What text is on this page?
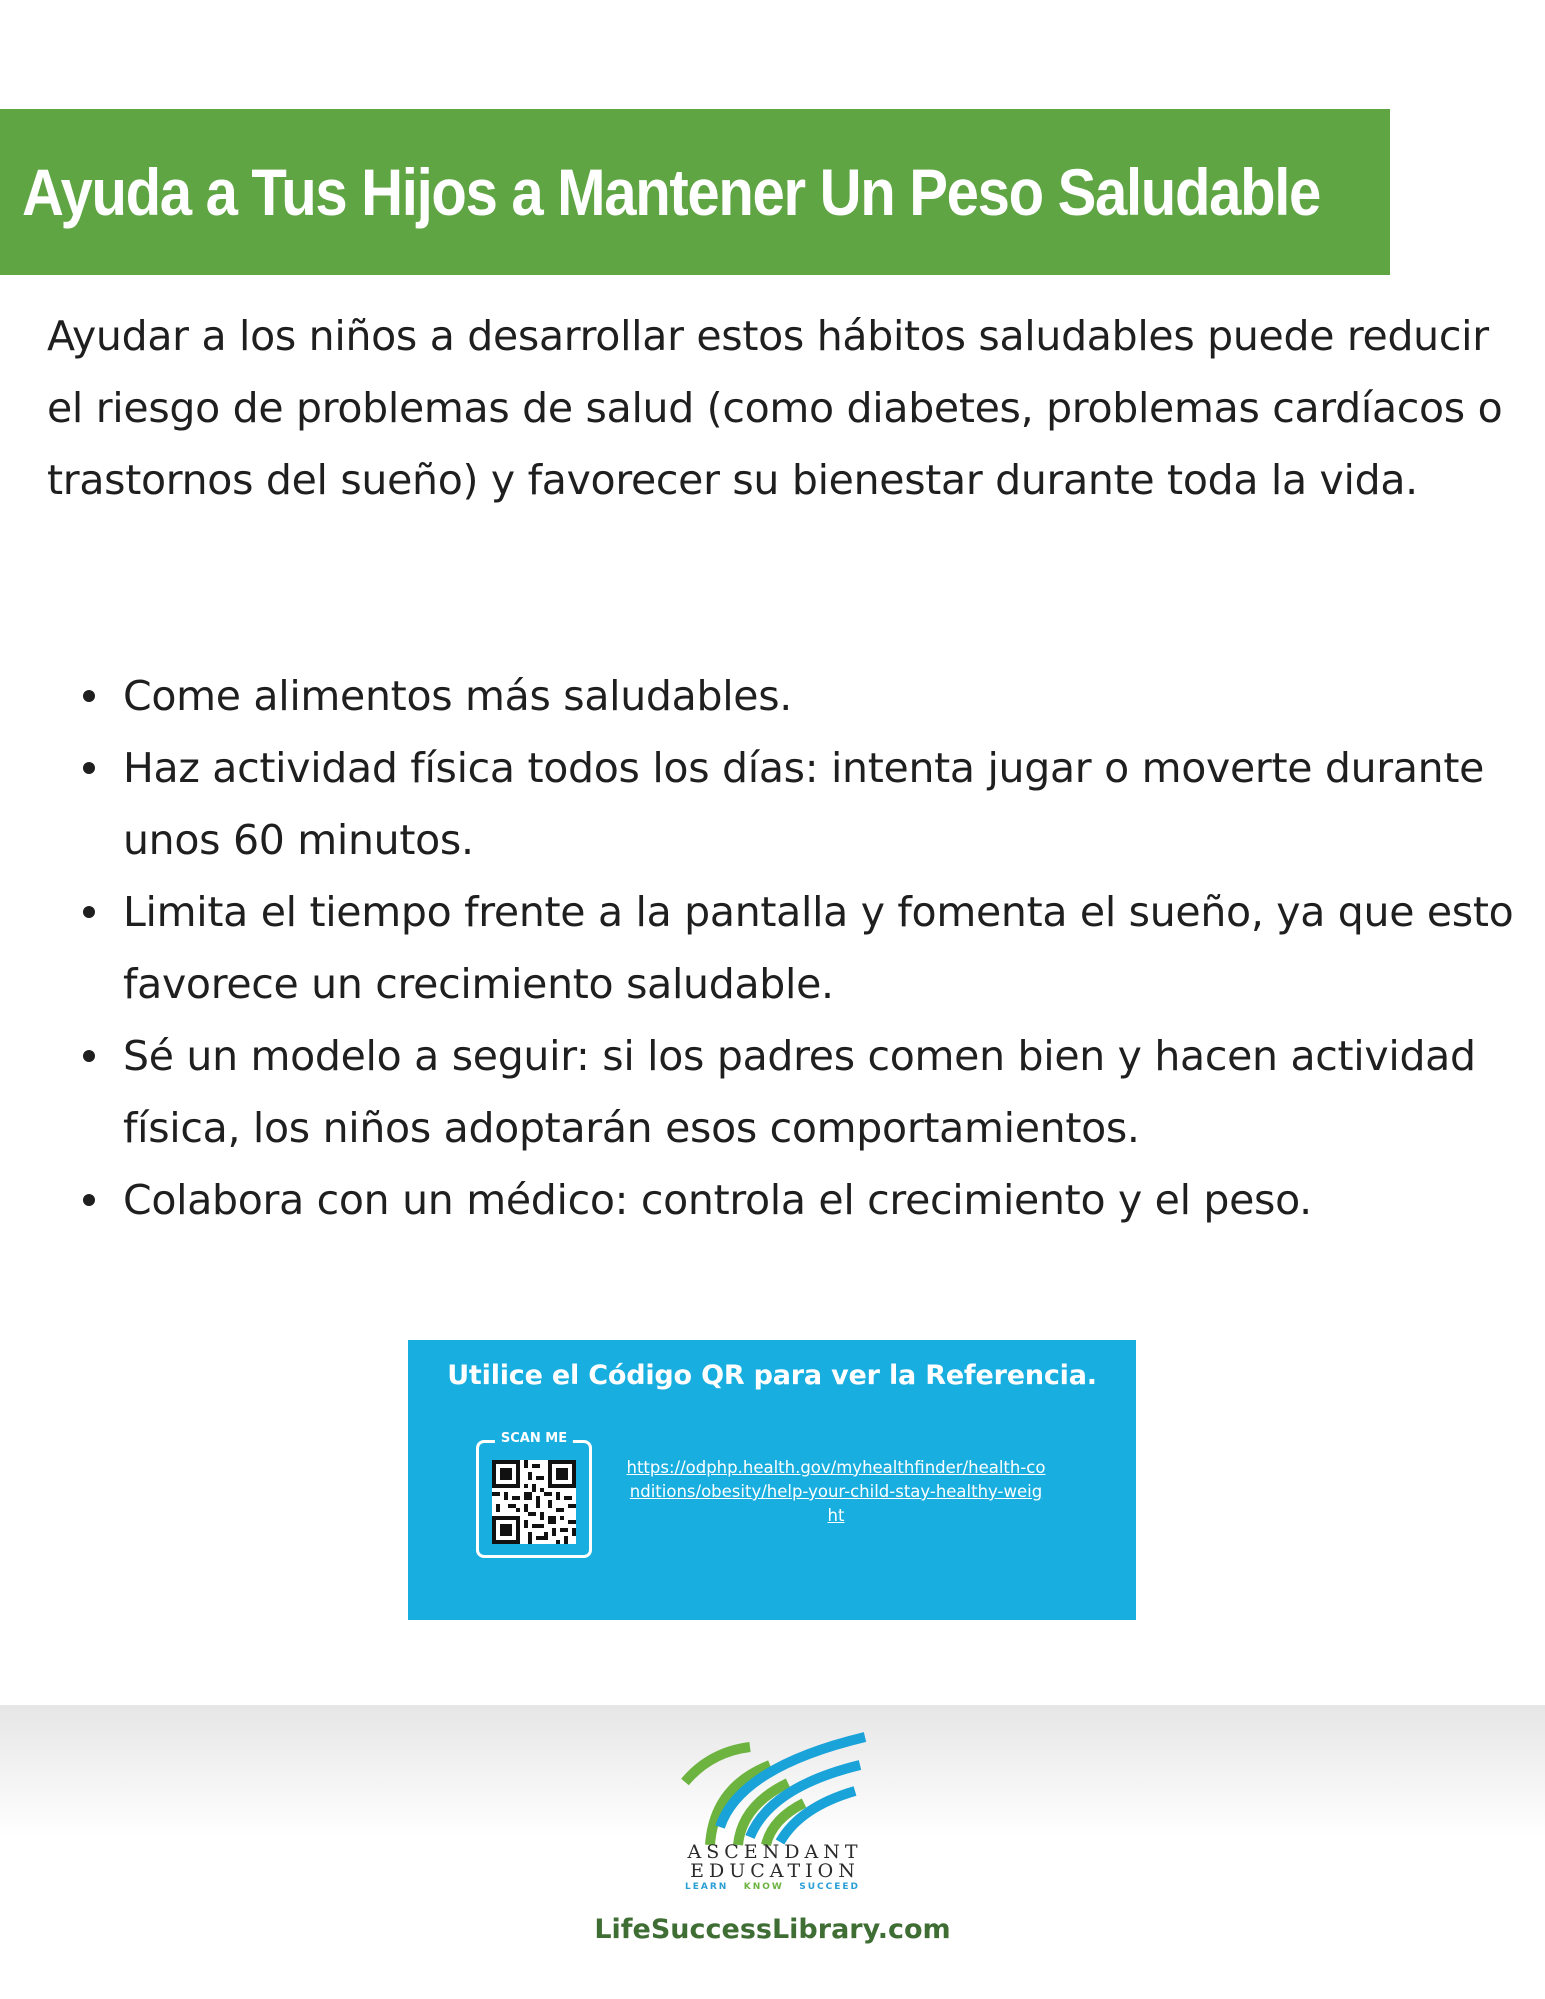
Ayuda a Tus Hijos a Mantener Un Peso Saludable

Ayudar a los niños a desarrollar estos hábitos saludables puede reducir el riesgo de problemas de salud (como diabetes, problemas cardíacos o trastornos del sueño) y favorecer su bienestar durante toda la vida.

Come alimentos más saludables.
Haz actividad física todos los días: intenta jugar o moverte durante unos 60 minutos.
Limita el tiempo frente a la pantalla y fomenta el sueño, ya que esto favorece un crecimiento saludable.
Sé un modelo a seguir: si los padres comen bien y hacen actividad física, los niños adoptarán esos comportamientos.
Colabora con un médico: controla el crecimiento y el peso.
Utilice el Código QR para ver la Referencia.
SCAN ME
https://odphp.health.gov/myhealthfinder/health-conditions/obesity/help-your-child-stay-healthy-weight
ASCENDANT
EDUCATION
LEARN KNOW SUCCEED
LifeSuccessLibrary.com
